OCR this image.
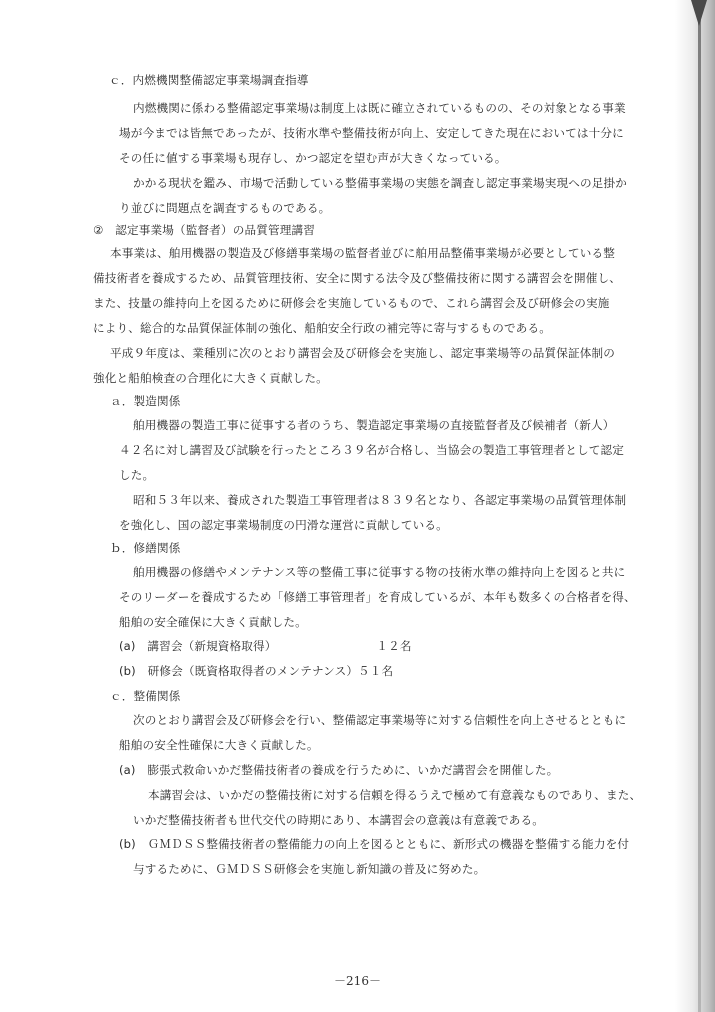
ｃ．内燃機関整備認定事業場調査指導
内燃機関に係わる整備認定事業場は制度上は既に確立されているものの、その対象となる事業
場が今までは皆無であったが、技術水準や整備技術が向上、安定してきた現在においては十分に
その任に値する事業場も現存し、かつ認定を望む声が大きくなっている。
かかる現状を鑑み、市場で活動している整備事業場の実態を調査し認定事業場実現への足掛か
り並びに問題点を調査するものである。
②　認定事業場（監督者）の品質管理講習
本事業は、舶用機器の製造及び修繕事業場の監督者並びに舶用品整備事業場が必要としている整
備技術者を養成するため、品質管理技術、安全に関する法令及び整備技術に関する講習会を開催し、
また、技量の維持向上を図るために研修会を実施しているもので、これら講習会及び研修会の実施
により、総合的な品質保証体制の強化、船舶安全行政の補完等に寄与するものである。
平成９年度は、業種別に次のとおり講習会及び研修会を実施し、認定事業場等の品質保証体制の
強化と船舶検査の合理化に大きく貢献した。
ａ．製造関係
舶用機器の製造工事に従事する者のうち、製造認定事業場の直接監督者及び候補者（新人）
４２名に対し講習及び試験を行ったところ３９名が合格し、当協会の製造工事管理者として認定
した。
昭和５３年以来、養成された製造工事管理者は８３９名となり、各認定事業場の品質管理体制
を強化し、国の認定事業場制度の円滑な運営に貢献している。
ｂ．修繕関係
舶用機器の修繕やメンテナンス等の整備工事に従事する物の技術水準の維持向上を図ると共に
そのリーダーを養成するため「修繕工事管理者」を育成しているが、本年も数多くの合格者を得、
船舶の安全確保に大きく貢献した。
(a)　講習会（新規資格取得）　　　　　　　　　１２名
(b)　研修会（既資格取得者のメンテナンス）５１名
ｃ．整備関係
次のとおり講習会及び研修会を行い、整備認定事業場等に対する信頼性を向上させるとともに
船舶の安全性確保に大きく貢献した。
(a)　膨張式救命いかだ整備技術者の養成を行うために、いかだ講習会を開催した。
本講習会は、いかだの整備技術に対する信頼を得るうえで極めて有意義なものであり、また、
いかだ整備技術者も世代交代の時期にあり、本講習会の意義は有意義である。
(b)　ＧＭＤＳＳ整備技術者の整備能力の向上を図るとともに、新形式の機器を整備する能力を付
与するために、ＧＭＤＳＳ研修会を実施し新知識の普及に努めた。
－216－
